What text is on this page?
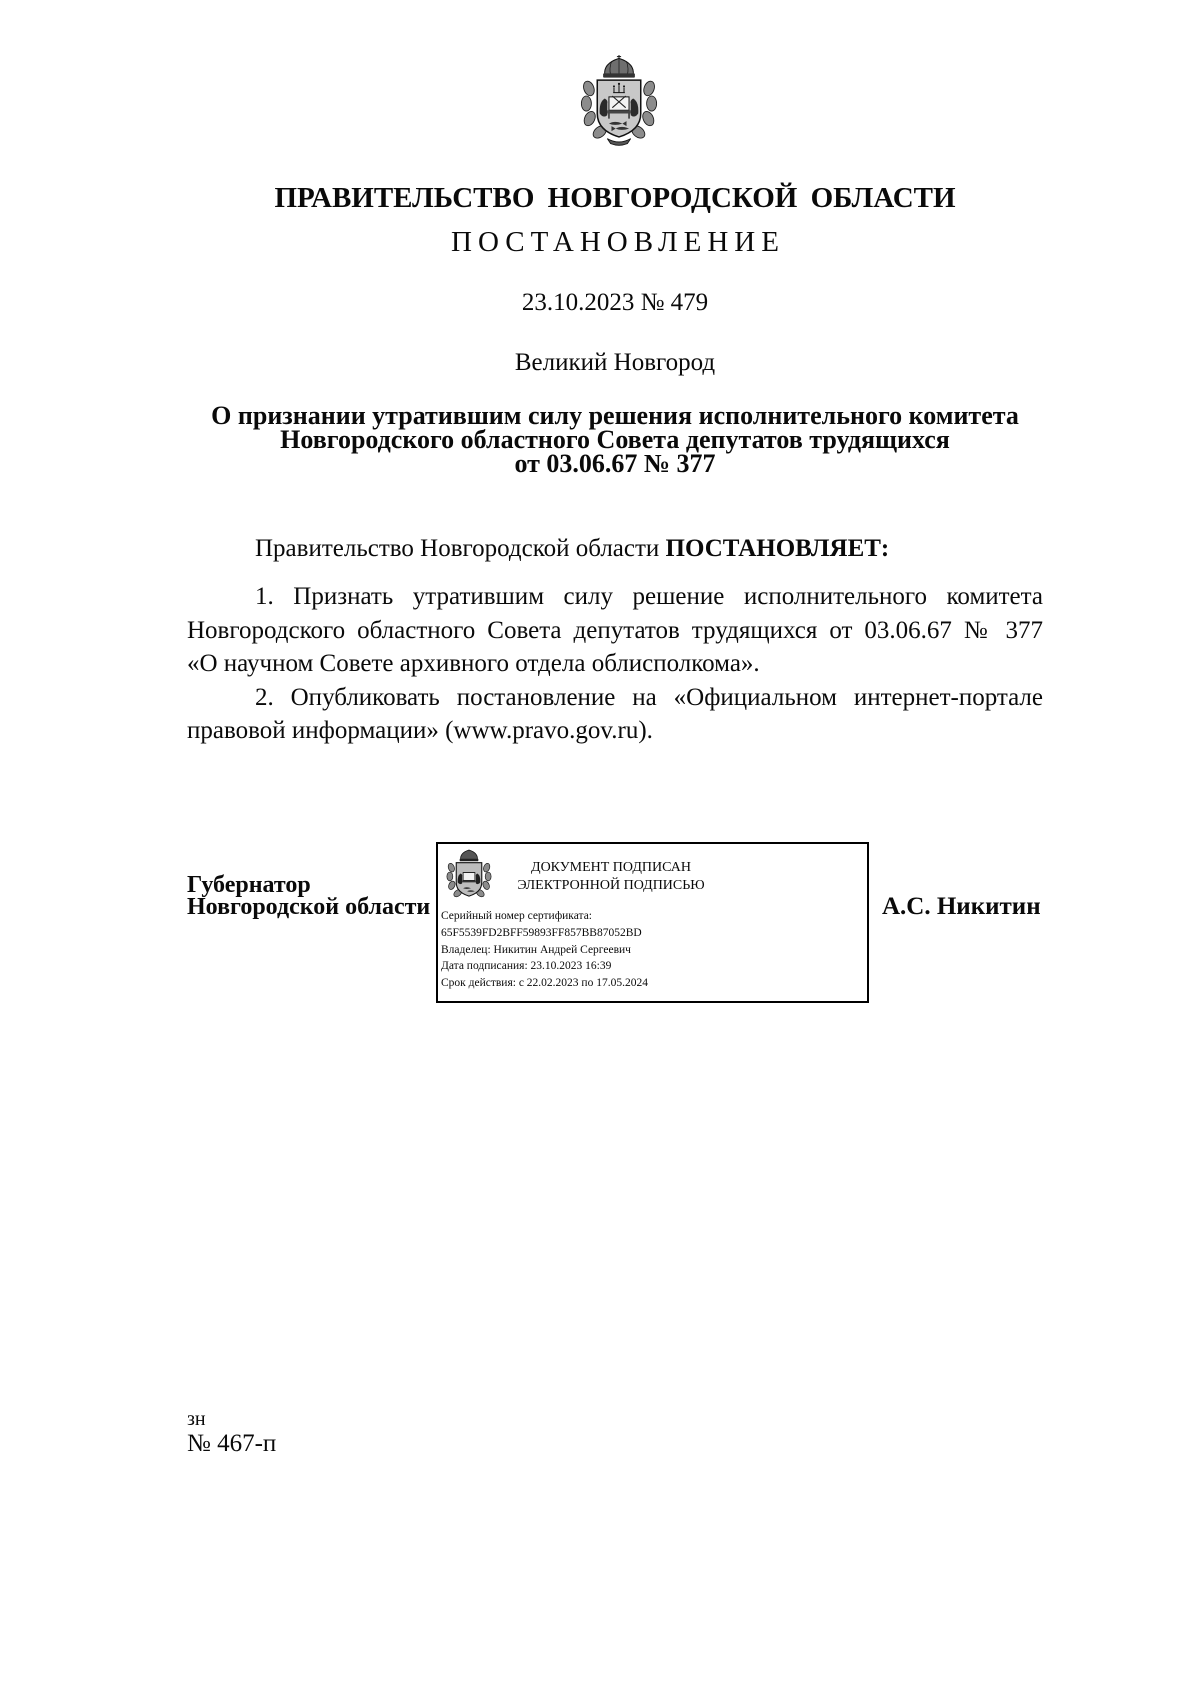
ПРАВИТЕЛЬСТВО НОВГОРОДСКОЙ ОБЛАСТИ
ПОСТАНОВЛЕНИЕ
23.10.2023 № 479
Великий Новгород
О признании утратившим силу решения исполнительного комитета
Новгородского областного Совета депутатов трудящихся
от 03.06.67 № 377
Правительство Новгородской области ПОСТАНОВЛЯЕТ:
1. Признать утратившим силу решение исполнительного комитета
Новгородского областного Совета депутатов трудящихся от 03.06.67 № 377
«О научном Совете архивного отдела облисполкома».
2. Опубликовать постановление на «Официальном интернет-портале
правовой информации» (www.pravo.gov.ru).
Губернатор
Новгородской области
ДОКУМЕНТ ПОДПИСАН
ЭЛЕКТРОННОЙ ПОДПИСЬЮ
Серийный номер сертификата:
65F5539FD2BFF59893FF857BB87052BD
Владелец: Никитин Андрей Сергеевич
Дата подписания: 23.10.2023 16:39
Срок действия: с 22.02.2023 по 17.05.2024
А.С. Никитин
зн
№ 467-п
